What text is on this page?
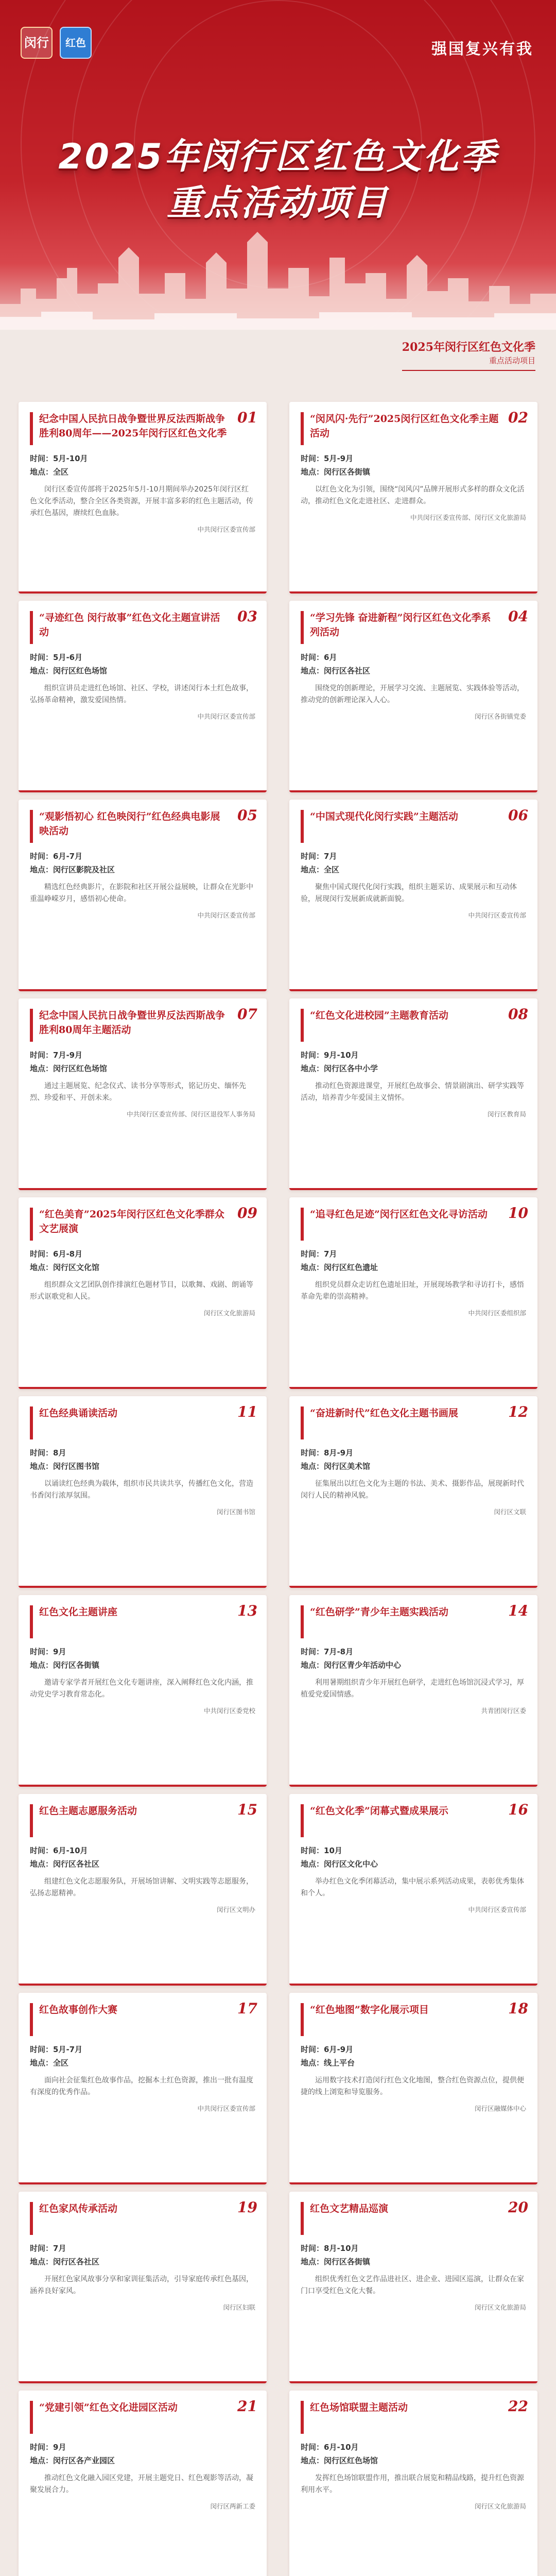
闵行	红色	强国复兴有我
2025年闵行区红色文化季
重点活动项目
2025年闵行区红色文化季
重点活动项目
纪念中国人民抗日战争暨世界反法西斯战争胜利80周年——2025年闵行区红色文化季
01
时间：5月-10月
地点：全区
闵行区委宣传部将于2025年5月-10月期间举办2025年闵行区红色文化季活动，整合全区各类资源，开展丰富多彩的红色主题活动，传承红色基因，赓续红色血脉。
中共闵行区委宣传部
“闵风闪·先行”2025闵行区红色文化季主题活动
02
时间：5月-9月
地点：闵行区各街镇
以红色文化为引领，围绕“闵风闪”品牌开展形式多样的群众文化活动，推动红色文化走进社区、走进群众。
中共闵行区委宣传部、闵行区文化旅游局
“寻迹红色 闵行故事”红色文化主题宣讲活动
03
时间：5月-6月
地点：闵行区红色场馆
组织宣讲员走进红色场馆、社区、学校，讲述闵行本土红色故事，弘扬革命精神，激发爱国热情。
中共闵行区委宣传部
“学习先锋 奋进新程”闵行区红色文化季系列活动
04
时间：6月
地点：闵行区各社区
围绕党的创新理论，开展学习交流、主题展览、实践体验等活动，推动党的创新理论深入人心。
闵行区各街镇党委
“观影悟初心 红色映闵行”红色经典电影展映活动
05
时间：6月-7月
地点：闵行区影院及社区
精选红色经典影片，在影院和社区开展公益展映，让群众在光影中重温峥嵘岁月，感悟初心使命。
中共闵行区委宣传部
“中国式现代化闵行实践”主题活动	06
时间：7月
地点：全区
聚焦中国式现代化闵行实践，组织主题采访、成果展示和互动体验，展现闵行发展新成就新面貌。
中共闵行区委宣传部
纪念中国人民抗日战争暨世界反法西斯战争胜利80周年主题活动
07
时间：7月-9月
地点：闵行区红色场馆
通过主题展览、纪念仪式、读书分享等形式，铭记历史、缅怀先烈、珍爱和平、开创未来。
中共闵行区委宣传部、闵行区退役军人事务局
“红色文化进校园”主题教育活动	08
时间：9月-10月
地点：闵行区各中小学
推动红色资源进课堂，开展红色故事会、情景剧演出、研学实践等活动，培养青少年爱国主义情怀。
闵行区教育局
“红色美育”2025年闵行区红色文化季群众文艺展演
09
时间：6月-8月
地点：闵行区文化馆
组织群众文艺团队创作排演红色题材节目，以歌舞、戏剧、朗诵等形式讴歌党和人民。
闵行区文化旅游局
“追寻红色足迹”闵行区红色文化寻访活动	10
时间：7月
地点：闵行区红色遗址
组织党员群众走访红色遗址旧址，开展现场教学和寻访打卡，感悟革命先辈的崇高精神。
中共闵行区委组织部
红色经典诵读活动	11
时间：8月
地点：闵行区图书馆
以诵读红色经典为载体，组织市民共读共享，传播红色文化，营造书香闵行浓厚氛围。
闵行区图书馆
“奋进新时代”红色文化主题书画展	12
时间：8月-9月
地点：闵行区美术馆
征集展出以红色文化为主题的书法、美术、摄影作品，展现新时代闵行人民的精神风貌。
闵行区文联
红色文化主题讲座	13
时间：9月
地点：闵行区各街镇
邀请专家学者开展红色文化专题讲座，深入阐释红色文化内涵，推动党史学习教育常态化。
中共闵行区委党校
“红色研学”青少年主题实践活动	14
时间：7月-8月
地点：闵行区青少年活动中心
利用暑期组织青少年开展红色研学，走进红色场馆沉浸式学习，厚植爱党爱国情感。
共青团闵行区委
红色主题志愿服务活动	15
时间：6月-10月
地点：闵行区各社区
组建红色文化志愿服务队，开展场馆讲解、文明实践等志愿服务，弘扬志愿精神。
闵行区文明办
“红色文化季”闭幕式暨成果展示	16
时间：10月
地点：闵行区文化中心
举办红色文化季闭幕活动，集中展示系列活动成果，表彰优秀集体和个人。
中共闵行区委宣传部
红色故事创作大赛	17
时间：5月-7月
地点：全区
面向社会征集红色故事作品，挖掘本土红色资源，推出一批有温度有深度的优秀作品。
中共闵行区委宣传部
“红色地图”数字化展示项目	18
时间：6月-9月
地点：线上平台
运用数字技术打造闵行红色文化地图，整合红色资源点位，提供便捷的线上浏览和导览服务。
闵行区融媒体中心
红色家风传承活动	19
时间：7月
地点：闵行区各社区
开展红色家风故事分享和家训征集活动，引导家庭传承红色基因，涵养良好家风。
闵行区妇联
红色文艺精品巡演	20
时间：8月-10月
地点：闵行区各街镇
组织优秀红色文艺作品进社区、进企业、进园区巡演，让群众在家门口享受红色文化大餐。
闵行区文化旅游局
“党建引领”红色文化进园区活动	21
时间：9月
地点：闵行区各产业园区
推动红色文化融入园区党建，开展主题党日、红色观影等活动，凝聚发展合力。
闵行区两新工委
红色场馆联盟主题活动	22
时间：6月-10月
地点：闵行区红色场馆
发挥红色场馆联盟作用，推出联合展览和精品线路，提升红色资源利用水平。
闵行区文化旅游局
